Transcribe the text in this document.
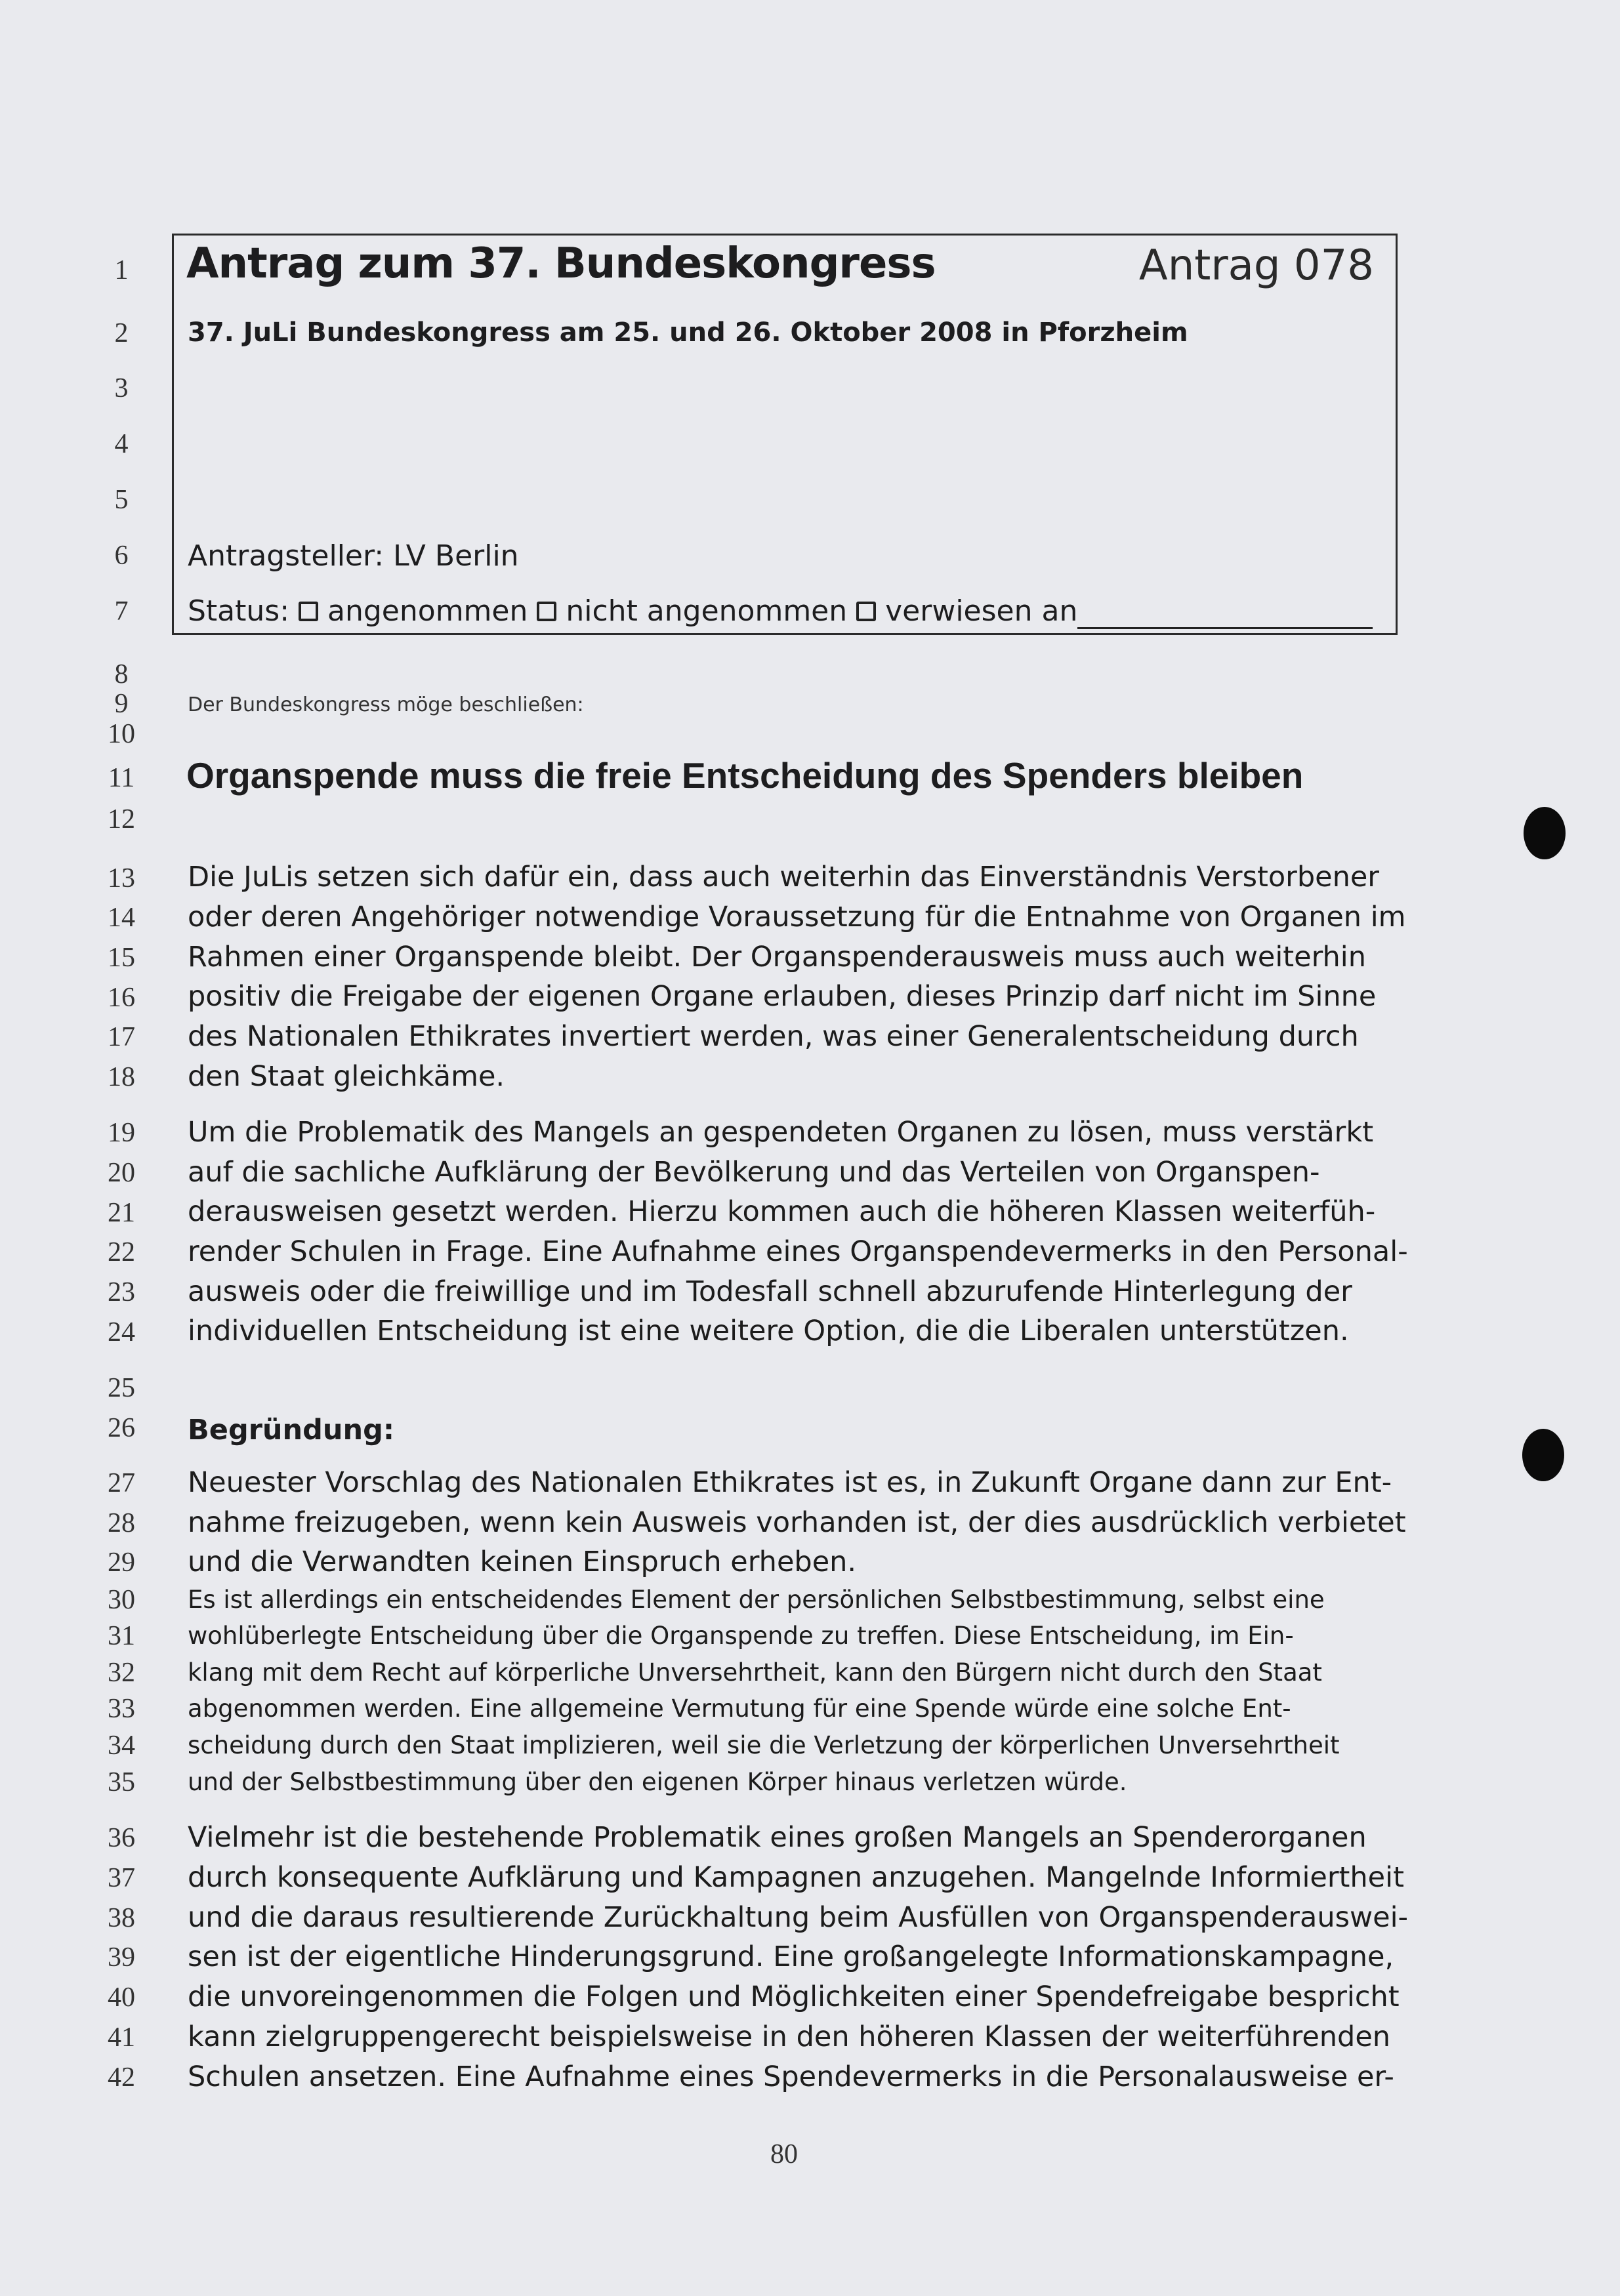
1
2
3
4
5
6
7
8
9
10
11
12
13
14
15
16
17
18
19
20
21
22
23
24
25
26
27
28
29
30
31
32
33
34
35
36
37
38
39
40
41
42
Antrag zum 37. Bundeskongress	Antrag 078
37. JuLi Bundeskongress am 25. und 26. Oktober 2008 in Pforzheim
Antragsteller: LV Berlin
Status: angenommen nicht angenommen verwiesen an
Der Bundeskongress möge beschließen:
Organspende muss die freie Entscheidung des Spenders bleiben
Die JuLis setzen sich dafür ein, dass auch weiterhin das Einverständnis Verstorbener
oder deren Angehöriger notwendige Voraussetzung für die Entnahme von Organen im
Rahmen einer Organspende bleibt. Der Organspenderausweis muss auch weiterhin
positiv die Freigabe der eigenen Organe erlauben, dieses Prinzip darf nicht im Sinne
des Nationalen Ethikrates invertiert werden, was einer Generalentscheidung durch
den Staat gleichkäme.
Um die Problematik des Mangels an gespendeten Organen zu lösen, muss verstärkt
auf die sachliche Aufklärung der Bevölkerung und das Verteilen von Organspen-
derausweisen gesetzt werden. Hierzu kommen auch die höheren Klassen weiterfüh-
render Schulen in Frage. Eine Aufnahme eines Organspendevermerks in den Personal-
ausweis oder die freiwillige und im Todesfall schnell abzurufende Hinterlegung der
individuellen Entscheidung ist eine weitere Option, die die Liberalen unterstützen.
Begründung:
Neuester Vorschlag des Nationalen Ethikrates ist es, in Zukunft Organe dann zur Ent-
nahme freizugeben, wenn kein Ausweis vorhanden ist, der dies ausdrücklich verbietet
und die Verwandten keinen Einspruch erheben.
Es ist allerdings ein entscheidendes Element der persönlichen Selbstbestimmung, selbst eine
wohlüberlegte Entscheidung über die Organspende zu treffen. Diese Entscheidung, im Ein-
klang mit dem Recht auf körperliche Unversehrtheit, kann den Bürgern nicht durch den Staat
abgenommen werden. Eine allgemeine Vermutung für eine Spende würde eine solche Ent-
scheidung durch den Staat implizieren, weil sie die Verletzung der körperlichen Unversehrtheit
und der Selbstbestimmung über den eigenen Körper hinaus verletzen würde.
Vielmehr ist die bestehende Problematik eines großen Mangels an Spenderorganen
durch konsequente Aufklärung und Kampagnen anzugehen. Mangelnde Informiertheit
und die daraus resultierende Zurückhaltung beim Ausfüllen von Organspenderauswei-
sen ist der eigentliche Hinderungsgrund. Eine großangelegte Informationskampagne,
die unvoreingenommen die Folgen und Möglichkeiten einer Spendefreigabe bespricht
kann zielgruppengerecht beispielsweise in den höheren Klassen der weiterführenden
Schulen ansetzen. Eine Aufnahme eines Spendevermerks in die Personalausweise er-
80
